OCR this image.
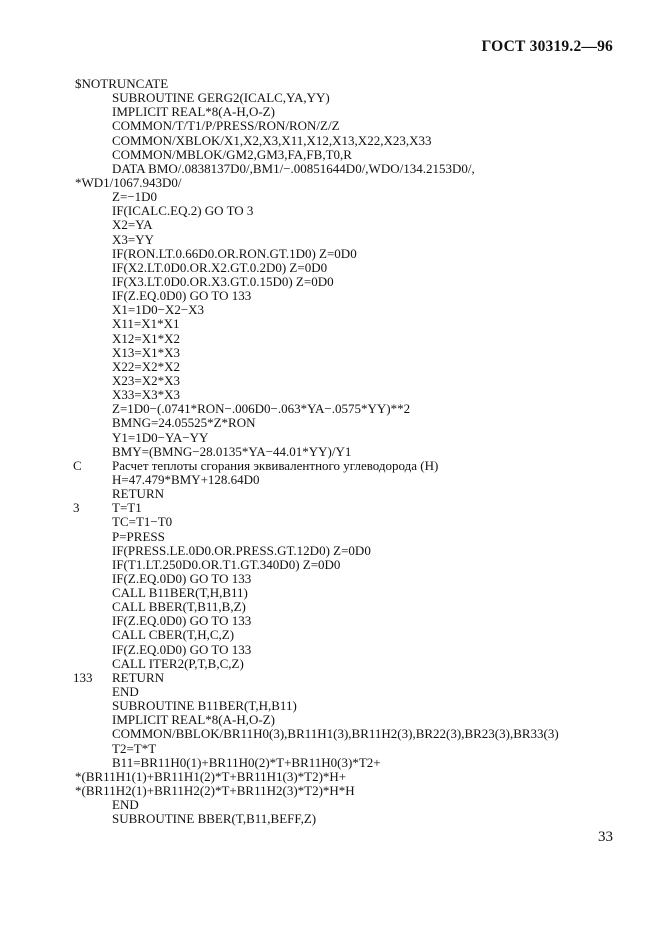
ГОСТ 30319.2—96
$NOTRUNCATE
SUBROUTINE GERG2(ICALC,YA,YY)
IMPLICIT REAL*8(A-H,O-Z)
COMMON/T/T1/P/PRESS/RON/RON/Z/Z
COMMON/XBLOK/X1,X2,X3,X11,X12,X13,X22,X23,X33
COMMON/MBLOK/GM2,GM3,FA,FB,T0,R
DATA BMO/.0838137D0/,BM1/−.00851644D0/,WDO/134.2153D0/,
*WD1/1067.943D0/
Z=−1D0
IF(ICALC.EQ.2) GO TO 3
X2=YA
X3=YY
IF(RON.LT.0.66D0.OR.RON.GT.1D0) Z=0D0
IF(X2.LT.0D0.OR.X2.GT.0.2D0) Z=0D0
IF(X3.LT.0D0.OR.X3.GT.0.15D0) Z=0D0
IF(Z.EQ.0D0) GO TO 133
X1=1D0−X2−X3
X11=X1*X1
X12=X1*X2
X13=X1*X3
X22=X2*X2
X23=X2*X3
X33=X3*X3
Z=1D0−(.0741*RON−.006D0−.063*YA−.0575*YY)**2
BMNG=24.05525*Z*RON
Y1=1D0−YA−YY
BMY=(BMNG−28.0135*YA−44.01*YY)/Y1
C Расчет теплоты сгорания эквивалентного углеводорода (H)
H=47.479*BMY+128.64D0
RETURN
3	T=T1
TC=T1−T0
P=PRESS
IF(PRESS.LE.0D0.OR.PRESS.GT.12D0) Z=0D0
IF(T1.LT.250D0.OR.T1.GT.340D0) Z=0D0
IF(Z.EQ.0D0) GO TO 133
CALL B11BER(T,H,B11)
CALL BBER(T,B11,B,Z)
IF(Z.EQ.0D0) GO TO 133
CALL CBER(T,H,C,Z)
IF(Z.EQ.0D0) GO TO 133
CALL ITER2(P,T,B,C,Z)
133 RETURN
END
SUBROUTINE B11BER(T,H,B11)
IMPLICIT REAL*8(A-H,O-Z)
COMMON/BBLOK/BR11H0(3),BR11H1(3),BR11H2(3),BR22(3),BR23(3),BR33(3)
T2=T*T
B11=BR11H0(1)+BR11H0(2)*T+BR11H0(3)*T2+
*(BR11H1(1)+BR11H1(2)*T+BR11H1(3)*T2)*H+
*(BR11H2(1)+BR11H2(2)*T+BR11H2(3)*T2)*H*H
END
SUBROUTINE BBER(T,B11,BEFF,Z)
33
